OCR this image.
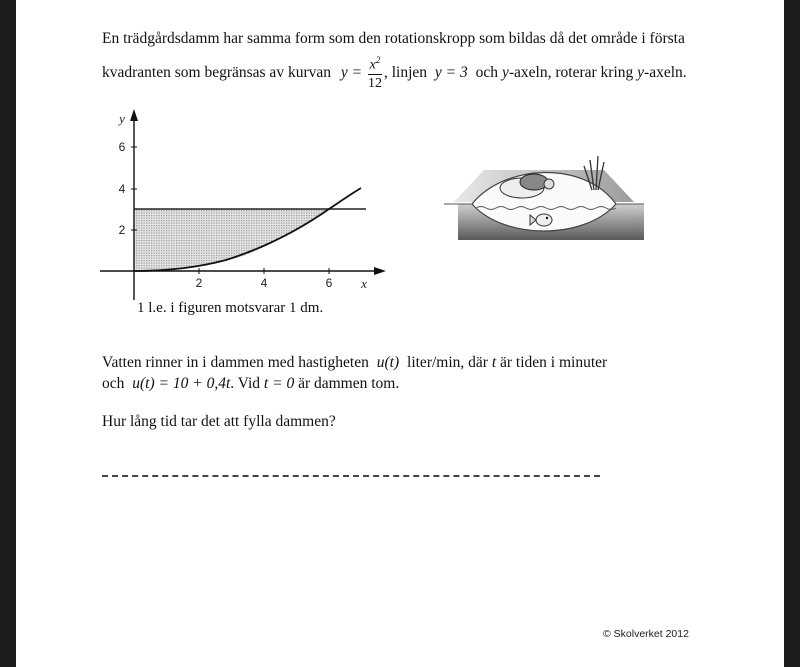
En trädgårdsdamm har samma form som den rotationskropp som bildas då det område i första
kvadranten som begränsas av kurvan $y = \frac{x^2}{12}$ , linjen y = 3 och y-axeln, roterar kring y-axeln.
2	4	6
2
4
6
x
y
1 l.e. i figuren motsvarar 1 dm.
Vatten rinner in i dammen med hastigheten u(t) liter/min, där t är tiden i minuter
och u(t) = 10 + 0,4t. Vid t = 0 är dammen tom.
Hur lång tid tar det att fylla dammen?
© Skolverket 2012
